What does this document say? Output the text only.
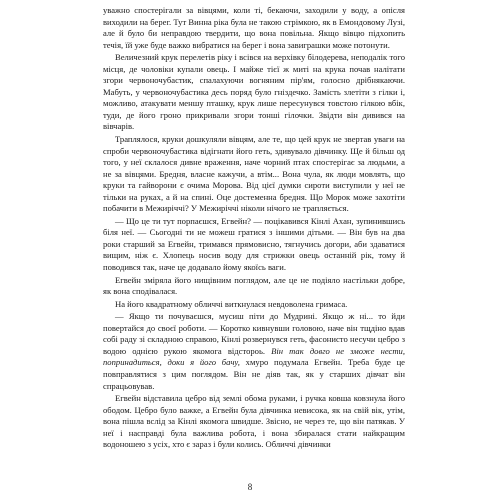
уважно спостерігали за вівцями, коли ті, бекаючи, заходили у воду, а опісля виходили на берег. Тут Винна ріка була не такою стрімкою, як в Емондовому Лузі, але й було би неправдою твердити, що вона повільна. Якщо вівцю підхопить течія, їй уже буде важко вибратися на берег і вона завиграшки може потонути.

Величезний крук перелетів ріку і всівся на верхівку білодерева, неподалік того місця, де чоловіки купали овець. І майже тієї ж миті на крука почав налітати згори червоночубастик, спалахуючи вогняним пір'ям, голосно дрібнякаючи. Мабуть, у червоночубастика десь поряд було гніздечко. Замість злетіти з гілки і, можливо, атакувати меншу пташку, крук лише пересунувся товстою гілкою вбік, туди, де його гроно прикривали згори тонші гілочки. Звідти він дивився на вівчарів.

Траплялося, круки дошкуляли вівцям, але те, що цей крук не звертав уваги на спроби червоночубастика відігнати його геть, здивувало дівчинку. Ще й більш од того, у неї склалося дивне враження, наче чорний птах спостерігає за людьми, а не за вівцями. Бредня, власне кажучи, а втім... Вона чула, як люди мовлять, що круки та гайворони є очима Морова. Від цієї думки сироти виступили у неї не тільки на руках, а й на спині. Оце достеменна бредня. Що Морок може захотіти побачити в Межиріччі? У Межиріччі ніколи нічого не трапляється.

— Що це ти тут порпаєшся, Егвейн? — поцікавився Кінлі Ахан, зупинившись біля неї. — Сьогодні ти не можеш гратися з іншими дітьми. — Він був на два роки старший за Егвейн, тримався прямовисно, тягнучись догори, аби здаватися вищим, ніж є. Хлопець носив воду для стрижки овець останній рік, тому й поводився так, наче це додавало йому якоїсь ваги.

Егвейн зміряла його нищівним поглядом, але це не подіяло настільки добре, як вона сподівалася.

На його квадратному обличчі виткнулася невдоволена гримаса.

— Якщо ти почуваєшся, мусиш піти до Мудрині. Якщо ж ні... то йди повертайся до своєї роботи. — Коротко кивнувши головою, наче він тщдіно вдав собі раду зі складною справою, Кінлі розвернувся геть, фасонисто несучи цебро з водою однією рукою якомога відстороь. Він так довго не зможе нести, попринадиться, доки я його бачу, хмуро подумала Егвейн. Треба буде це повправлятися з цим поглядом. Він не діяв так, як у старших дівчат він спрацьовував.

Егвейн відставила цебро від землі обома руками, і ручка ковша ковзнула його ободом. Цебро було важке, а Егвейн була дівчинка невисока, як на свій вік, утім, вона пішла вслід за Кінлі якомога швидше. Звісно, не через те, що він патякав. У неї і насправді була важлива робота, і вона збиралася стати найкращим водоношею з усіх, хто є зараз і були колись. Обличчі дівчинки

8
